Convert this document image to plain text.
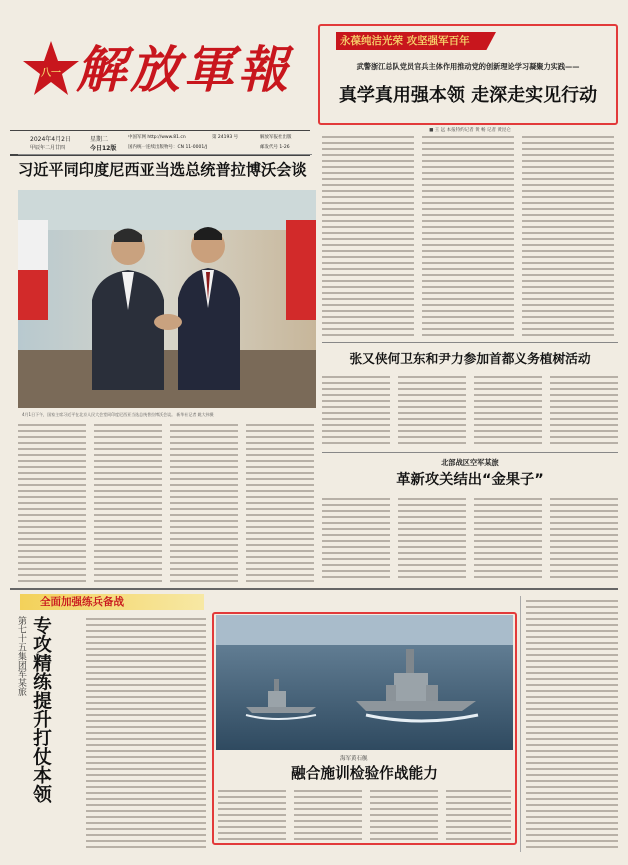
八一 解放軍報
2024年4月2日	星期二
甲辰年二月廿四	今日12版
中国军网 http://www.81.cn	第 24193 号	解放军报社出版
国内统一连续出版物号：CN 11-0001/J	邮发代号 1-26
永葆纯洁光荣 攻坚强军百年
武警浙江总队党员官兵主体作用推动党的创新理论学习凝聚力实践——
真学真用强本领 走深走实见行动
■ 王 远 本报特约记者 黄 畅 记者 黄昆仑
习近平同印度尼西亚当选总统普拉博沃会谈
4月1日下午，国家主席习近平在北京人民大会堂同印度尼西亚当选总统普拉博沃会谈。 新华社记者 姚大伟摄
张又侠何卫东和尹力参加首都义务植树活动
北部战区空军某旅
革新攻关结出“金果子”
全面加强练兵备战
第七十五集团军某旅 专攻精练提升打仗本领	海军黄石舰
融合施训检验作战能力
